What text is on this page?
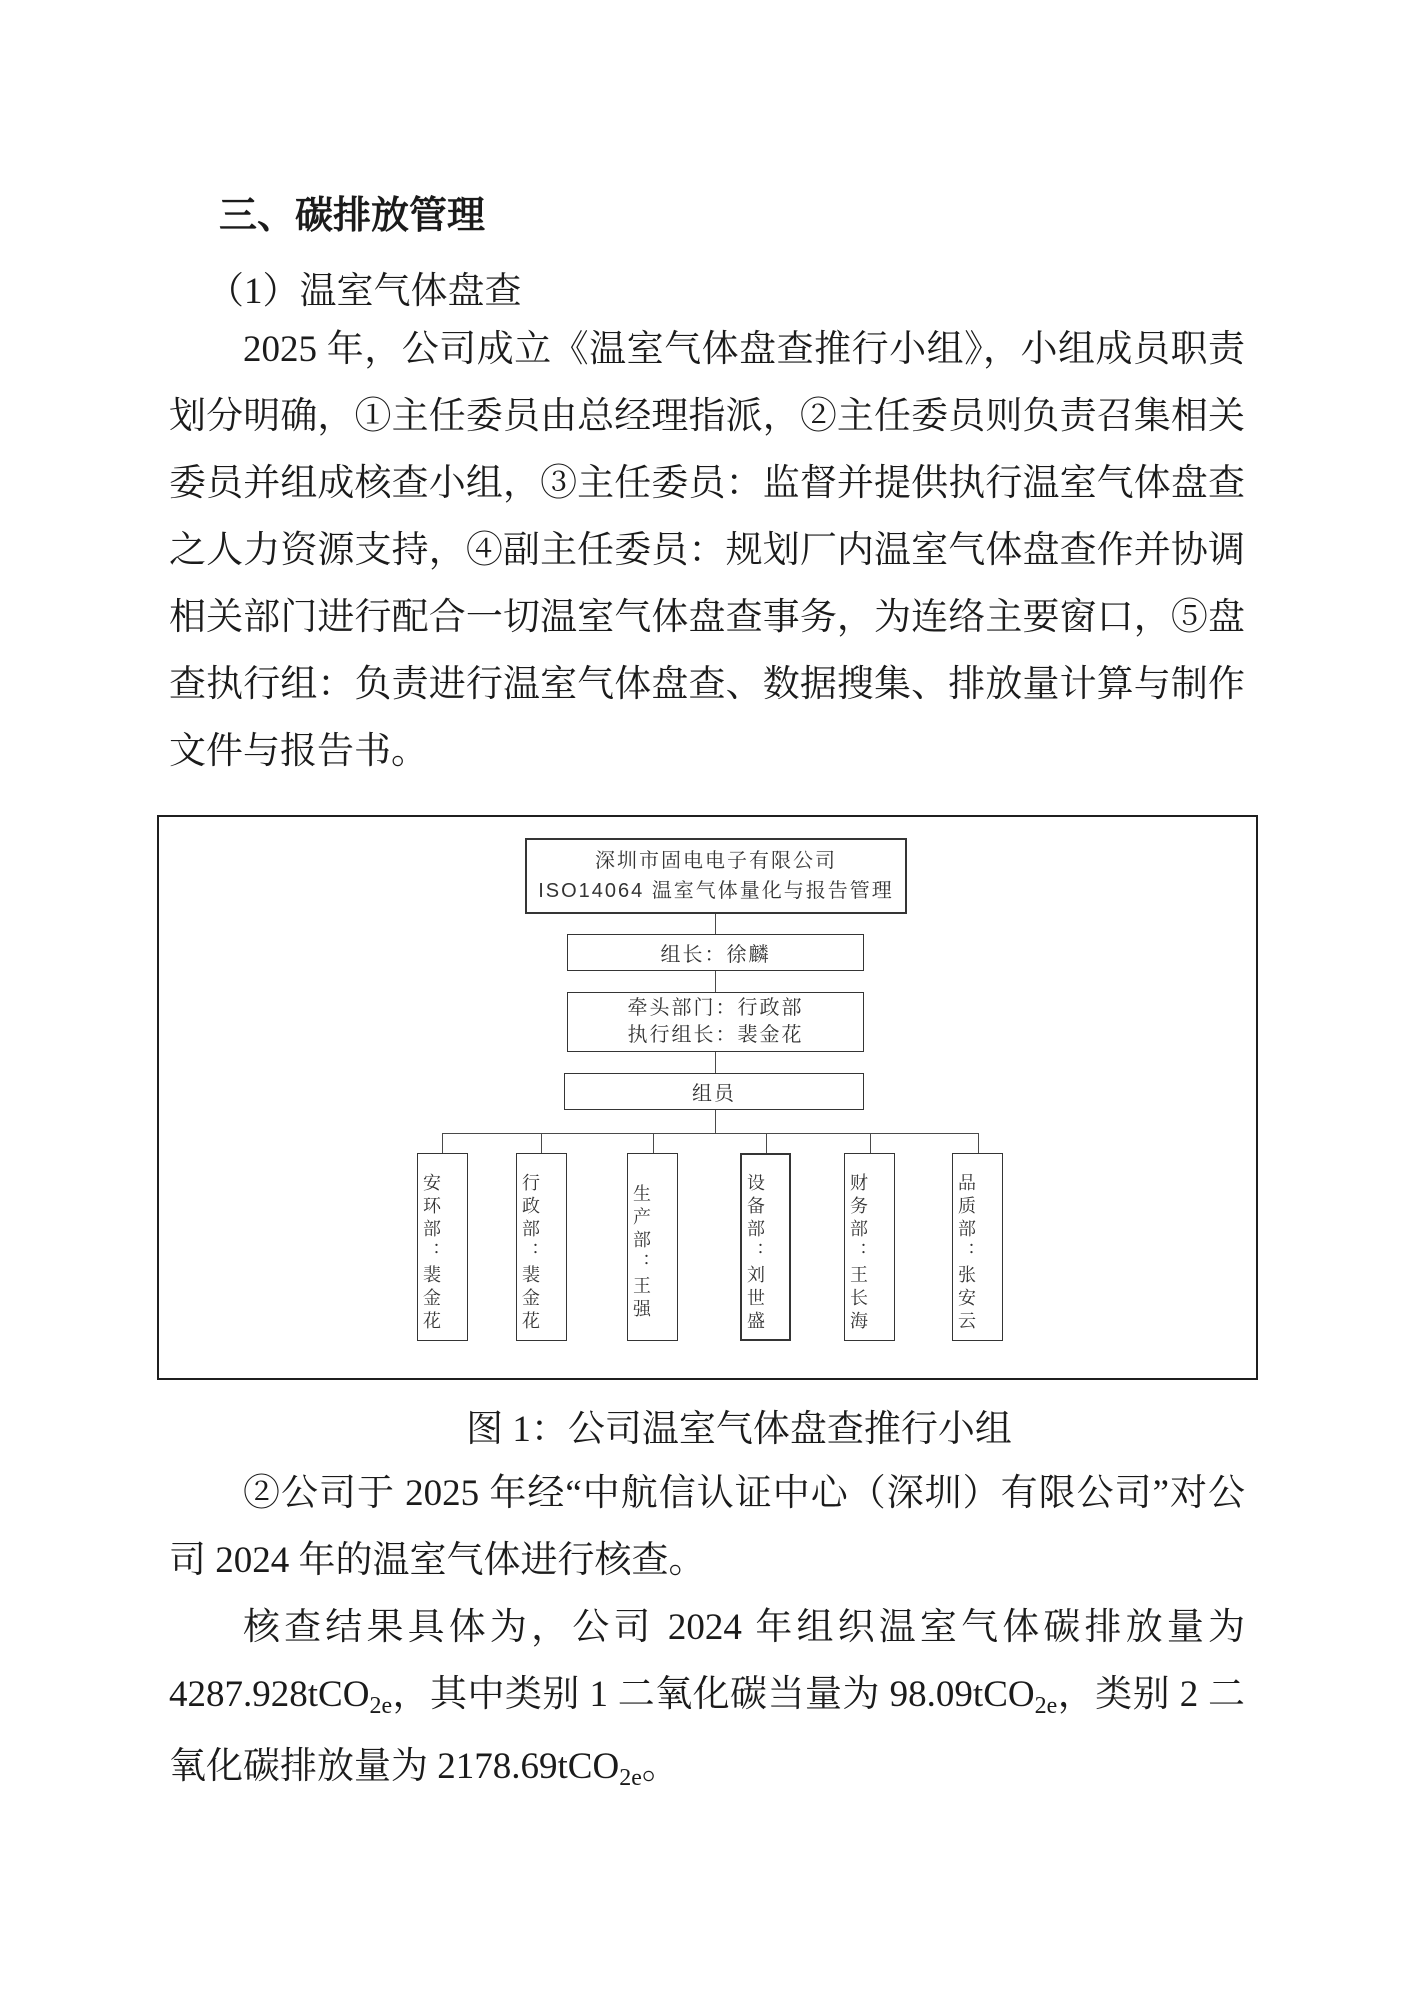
三、碳排放管理
（1）温室气体盘查

2025 年，公司成立《温室气体盘查推行小组》，小组成员职责划分明确，①主任委员由总经理指派，②主任委员则负责召集相关委员并组成核查小组，③主任委员：监督并提供执行温室气体盘查之人力资源支持，④副主任委员：规划厂内温室气体盘查作并协调相关部门进行配合一切温室气体盘查事务，为连络主要窗口，⑤盘查执行组：负责进行温室气体盘查、数据搜集、排放量计算与制作文件与报告书。

深圳市固电电子有限公司
ISO14064 温室气体量化与报告管理
组长：徐麟
牵头部门：行政部
执行组长：裴金花
组员
安环部：裴金花	行政部：裴金花	生产部：王强	设备部：刘世盛	财务部：王长海	品质部：张安云
图 1：公司温室气体盘查推行小组

②公司于 2025 年经“中航信认证中心（深圳）有限公司”对公司 2024 年的温室气体进行核查。

核查结果具体为，公司 2024 年组织温室气体碳排放量为 4287.928tCO2e，其中类别 1 二氧化碳当量为 98.09tCO2e，类别 2 二氧化碳排放量为 2178.69tCO2e。
